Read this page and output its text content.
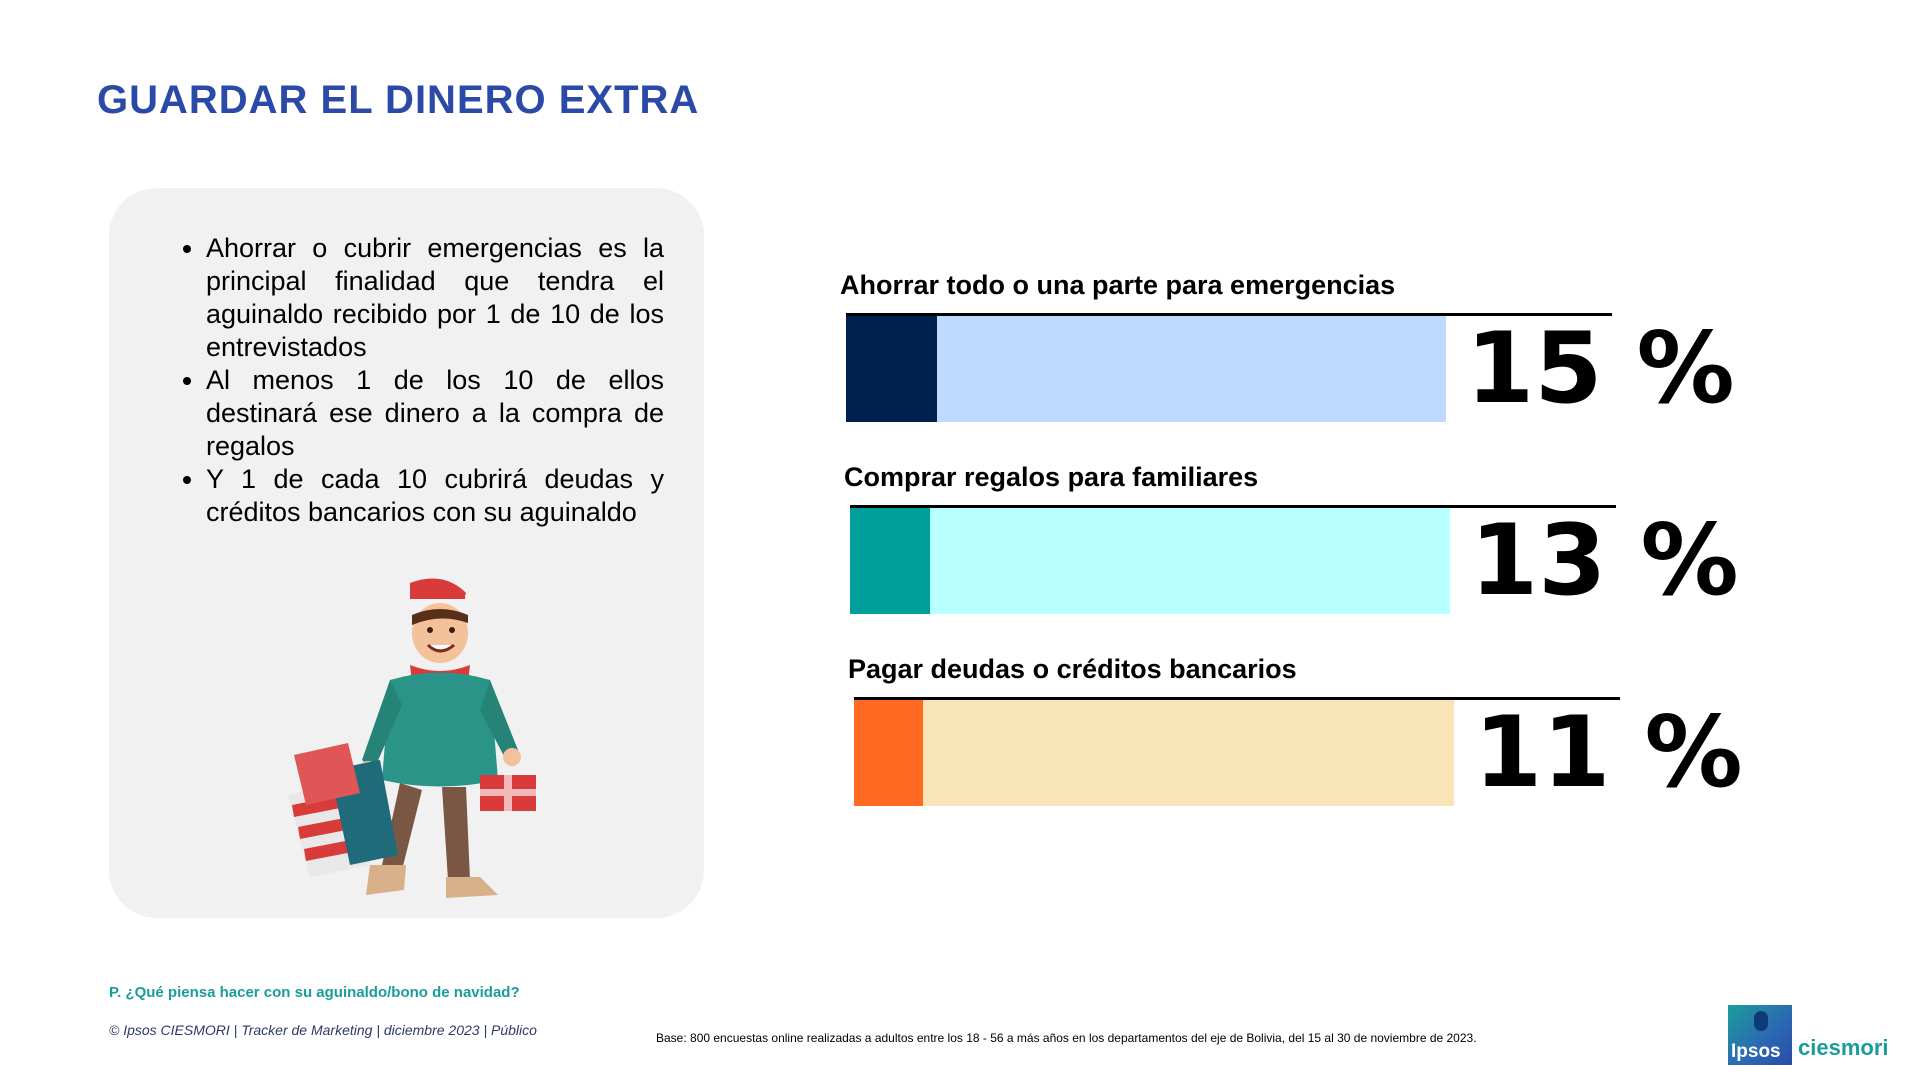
GUARDAR EL DINERO EXTRA
• Ahorrar o cubrir emergencias es la principal finalidad que tendra el aguinaldo recibido por 1 de 10 de los entrevistados
• Al menos 1 de los 10 de ellos destinará ese dinero a la compra de regalos
• Y 1 de cada 10 cubrirá deudas y créditos bancarios con su aguinaldo
Ahorrar todo o una parte para emergencias
15 %
Comprar regalos para familiares
13 %
Pagar deudas o créditos bancarios
11 %
P. ¿Qué piensa hacer con su aguinaldo/bono de navidad?
© Ipsos CIESMORI | Tracker de Marketing | diciembre 2023 | Público	Base: 800 encuestas online realizadas a adultos entre los 18 - 56 a más años en los departamentos del eje de Bolivia, del 15 al 30 de noviembre de 2023.
Ipsos ciesmori
